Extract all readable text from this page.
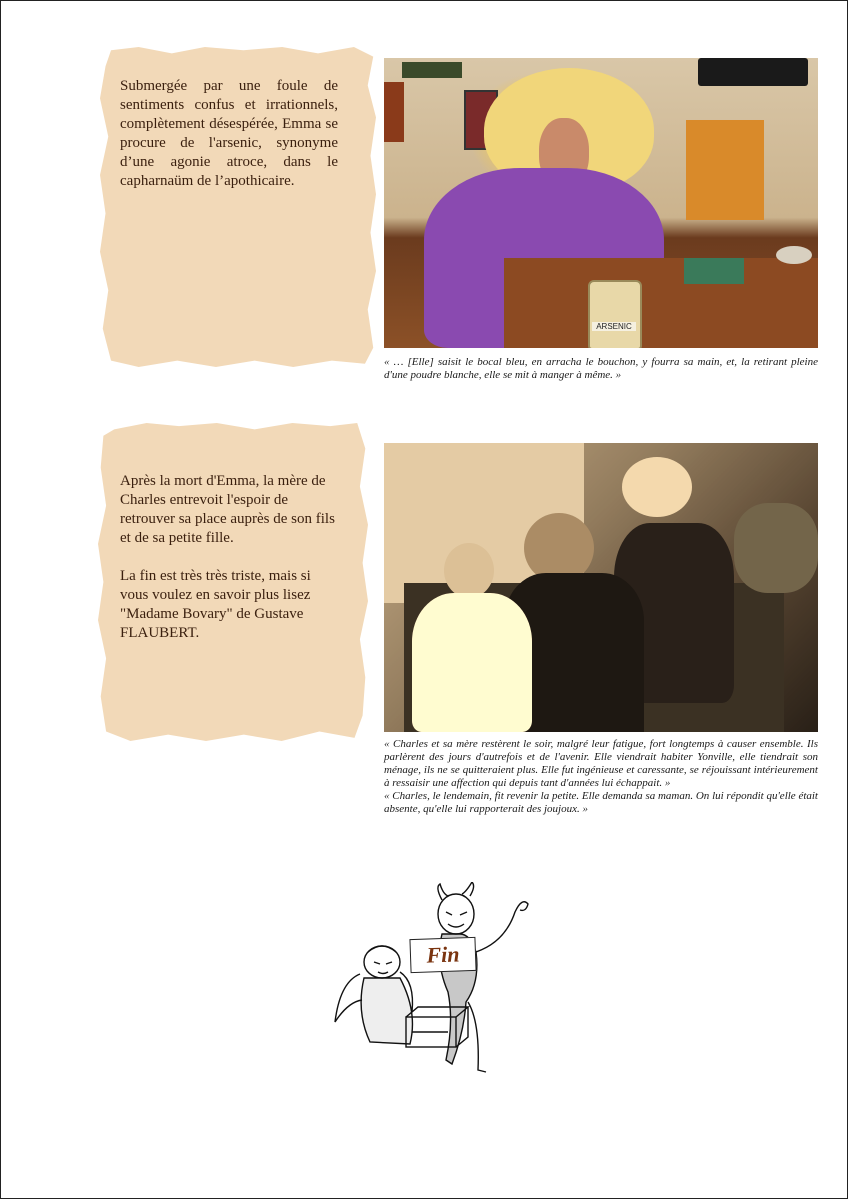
Submergée par une foule de sentiments confus et irrationnels, complètement désespérée, Emma se procure de l'arsenic, synonyme d’une agonie atroce, dans le capharnaüm de l’apothicaire.

ARSENIC

« … [Elle] saisit le bocal bleu, en arracha le bouchon, y fourra sa main, et, la retirant pleine d'une poudre blanche, elle se mit à manger à même. »

Après la mort d'Emma, la mère de Charles entrevoit l'espoir de retrouver sa place auprès de son fils et de sa petite fille.

La fin est très très triste, mais si vous voulez en savoir plus lisez "Madame Bovary" de Gustave FLAUBERT.

« Charles et sa mère restèrent le soir, malgré leur fatigue, fort longtemps à causer ensemble. Ils parlèrent des jours d'autrefois et de l'avenir. Elle viendrait habiter Yonville, elle tiendrait son ménage, ils ne se quitteraient plus. Elle fut ingénieuse et caressante, se réjouissant intérieurement à ressaisir une affection qui depuis tant d'années lui échappait. »
« Charles, le lendemain, fit revenir la petite. Elle demanda sa maman. On lui répondit qu'elle était absente, qu'elle lui rapporterait des joujoux. »
Fin
